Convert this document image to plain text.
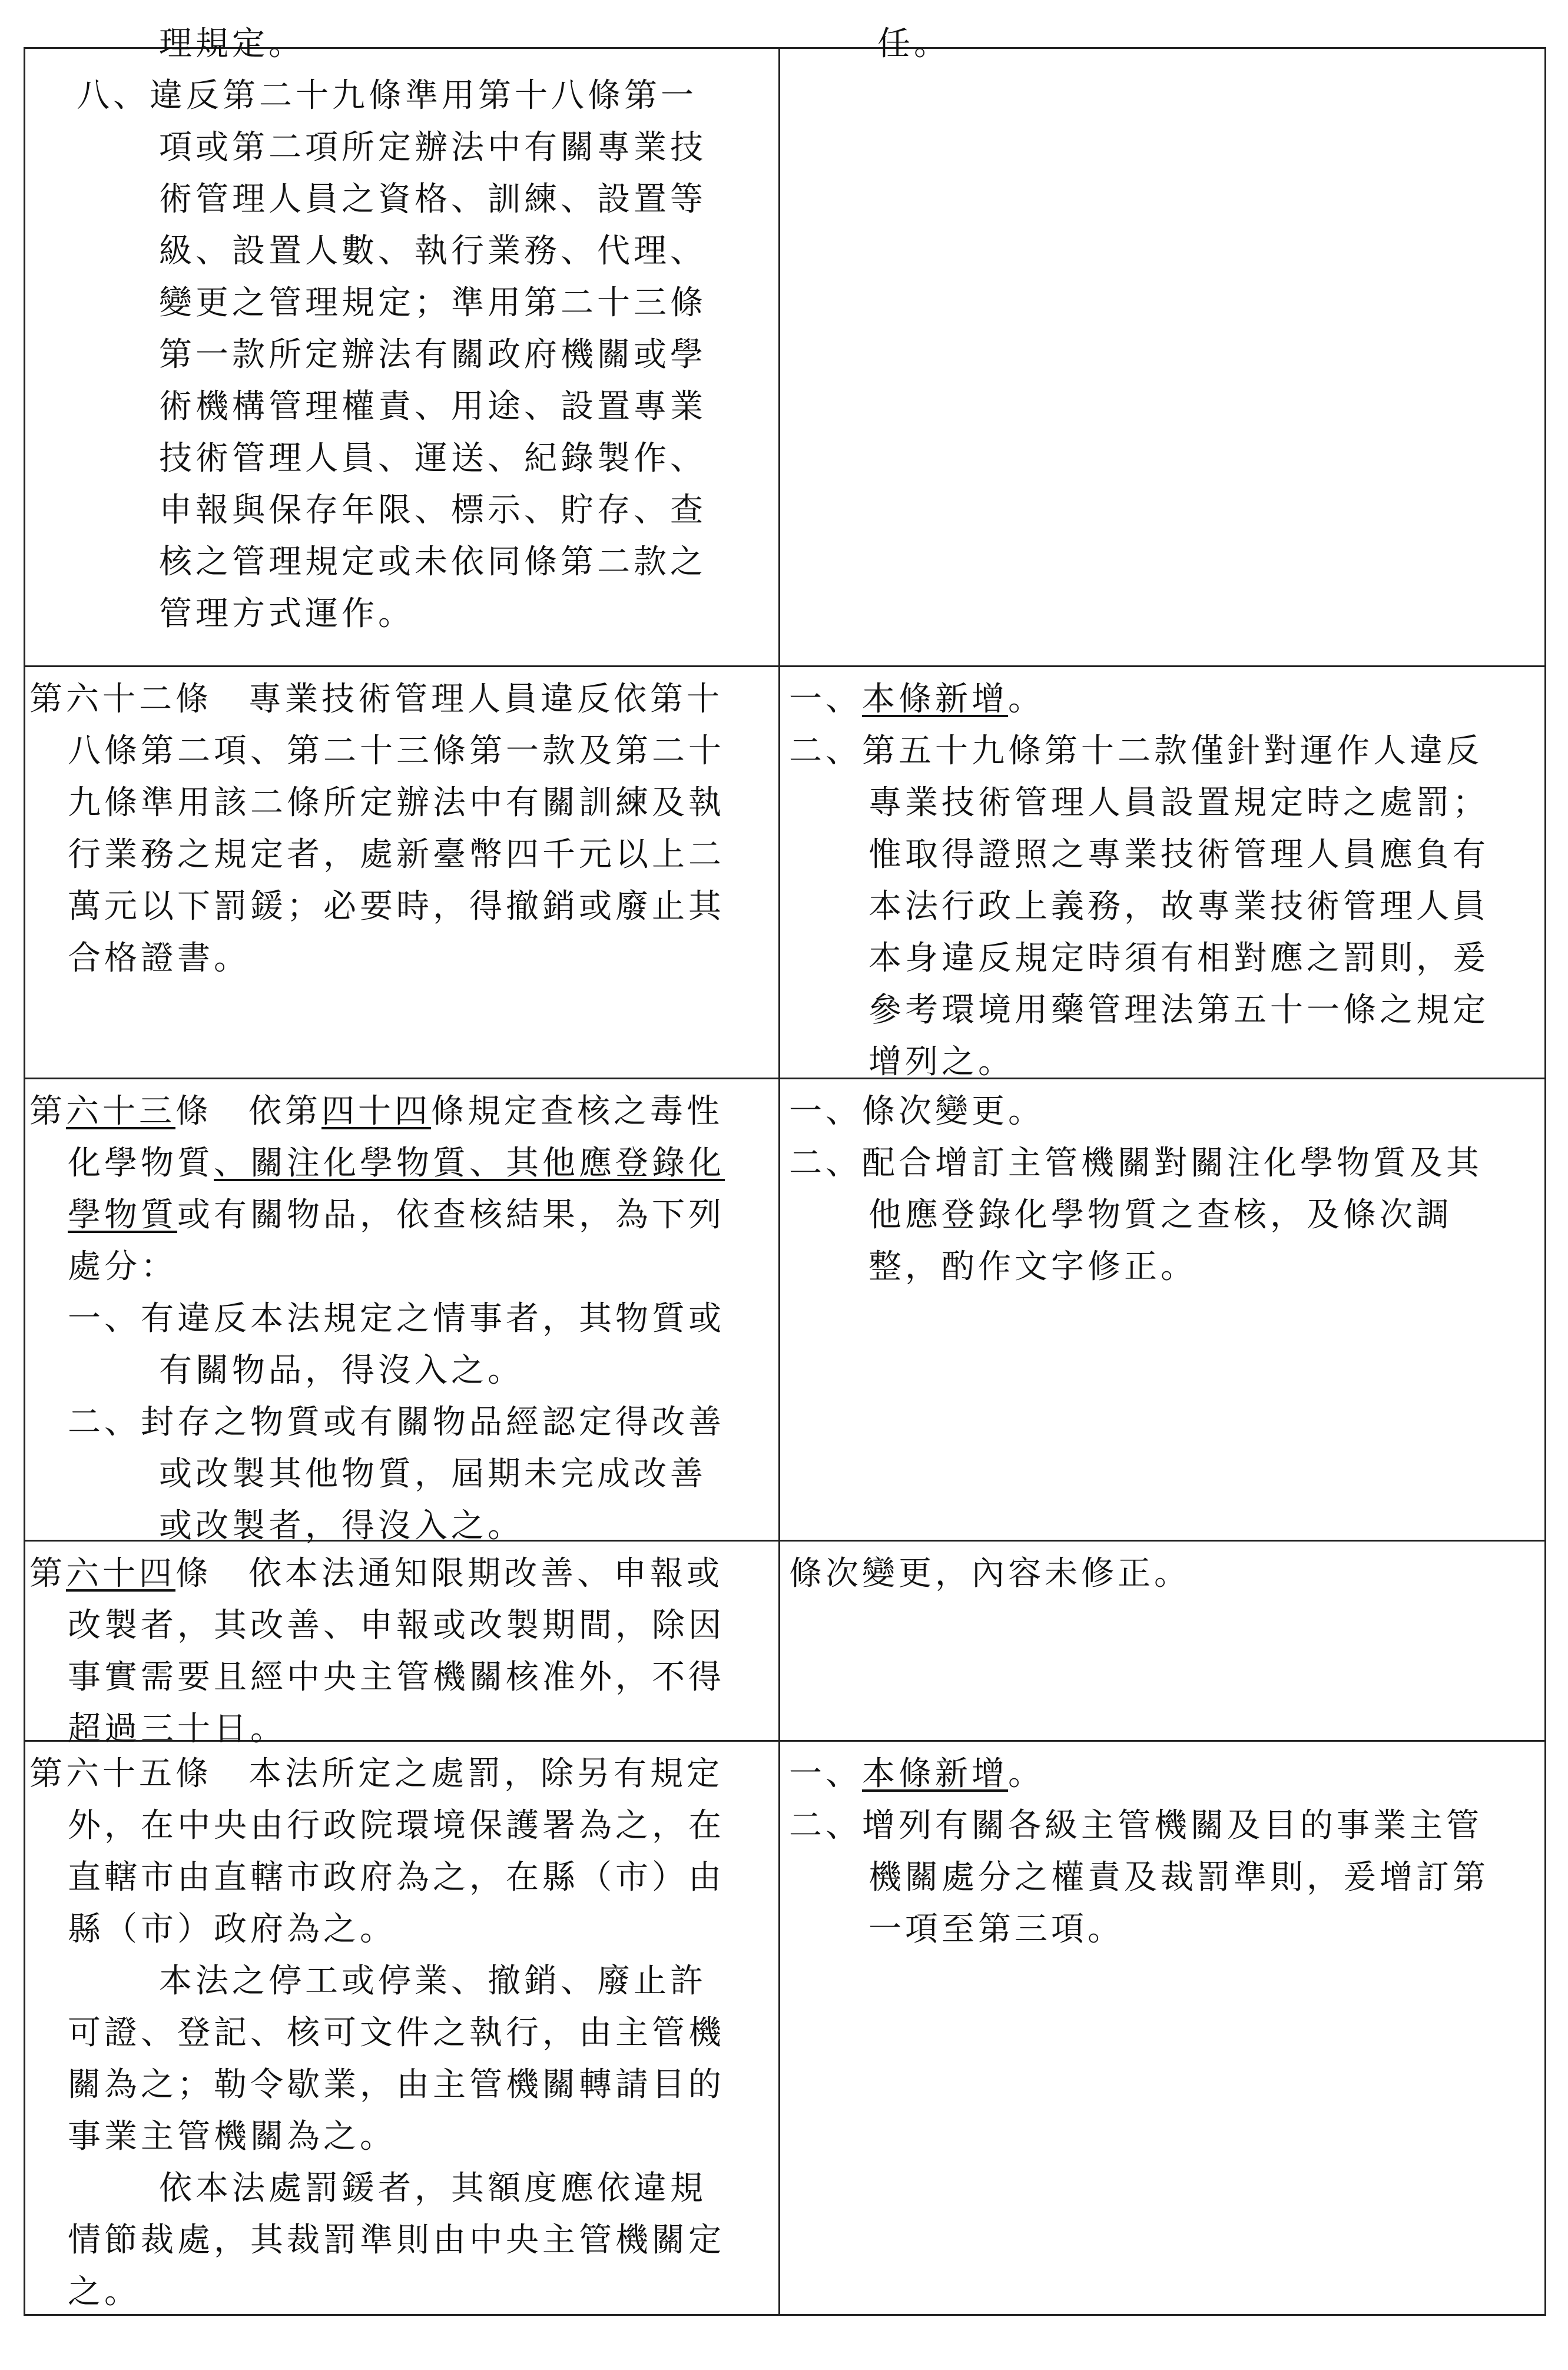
理規定。
八、違反第二十九條準用第十八條第一
項或第二項所定辦法中有關專業技
術管理人員之資格、訓練、設置等
級、設置人數、執行業務、代理、
變更之管理規定；準用第二十三條
第一款所定辦法有關政府機關或學
術機構管理權責、用途、設置專業
技術管理人員、運送、紀錄製作、
申報與保存年限、標示、貯存、查
核之管理規定或未依同條第二款之
管理方式運作。
任。
第六十二條　專業技術管理人員違反依第十
八條第二項、第二十三條第一款及第二十
九條準用該二條所定辦法中有關訓練及執
行業務之規定者，處新臺幣四千元以上二
萬元以下罰鍰；必要時，得撤銷或廢止其
合格證書。
一、本條新增。
二、第五十九條第十二款僅針對運作人違反
專業技術管理人員設置規定時之處罰；
惟取得證照之專業技術管理人員應負有
本法行政上義務，故專業技術管理人員
本身違反規定時須有相對應之罰則，爰
參考環境用藥管理法第五十一條之規定
增列之。
第六十三條　依第四十四條規定查核之毒性
化學物質、關注化學物質、其他應登錄化
學物質或有關物品，依查核結果，為下列
處分：
一、有違反本法規定之情事者，其物質或
有關物品，得沒入之。
二、封存之物質或有關物品經認定得改善
或改製其他物質，屆期未完成改善
或改製者，得沒入之。
一、條次變更。
二、配合增訂主管機關對關注化學物質及其
他應登錄化學物質之查核，及條次調
整，酌作文字修正。
第六十四條　依本法通知限期改善、申報或
改製者，其改善、申報或改製期間，除因
事實需要且經中央主管機關核准外，不得
超過三十日。
條次變更，內容未修正。
第六十五條　本法所定之處罰，除另有規定
外，在中央由行政院環境保護署為之，在
直轄市由直轄市政府為之，在縣（市）由
縣（市）政府為之。
本法之停工或停業、撤銷、廢止許
可證、登記、核可文件之執行，由主管機
關為之；勒令歇業，由主管機關轉請目的
事業主管機關為之。
依本法處罰鍰者，其額度應依違規
情節裁處，其裁罰準則由中央主管機關定
之。
一、本條新增。
二、增列有關各級主管機關及目的事業主管
機關處分之權責及裁罰準則，爰增訂第
一項至第三項。
